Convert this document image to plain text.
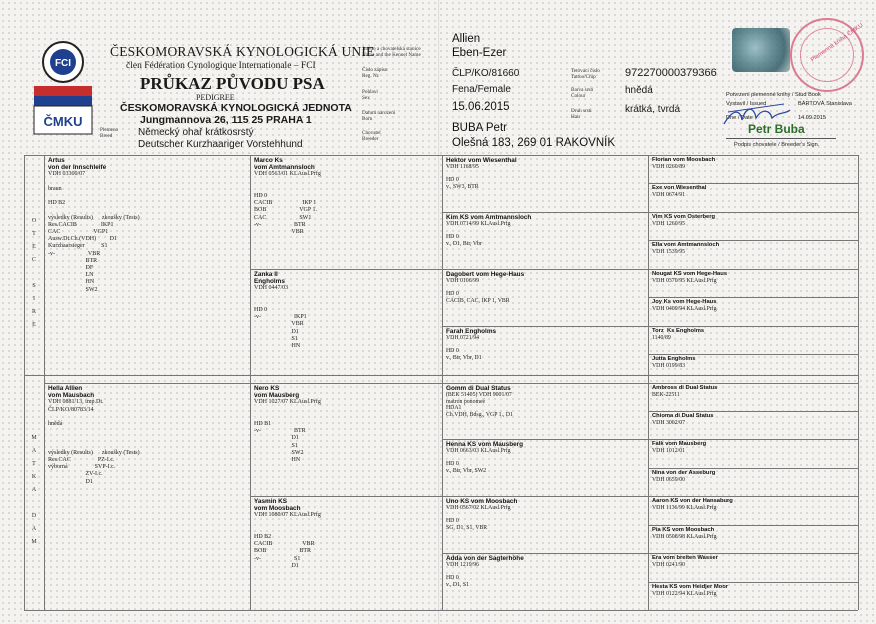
FCI
ČMKU
ČESKOMORAVSKÁ KYNOLOGICKÁ UNIE
člen Fédération Cynologique Internationale – FCI
PRŮKAZ PŮVODU PSA
PEDIGREE
ČESKOMORAVSKÁ KYNOLOGICKÁ JEDNOTA
Jungmannova 26, 115 25 PRAHA 1
Plemeno
Breed	Německý ohař krátkosrstý
Deutscher Kurzhaariger Vorstehhund
Jméno a chovatelská stanice
Name and the Kennel Name
Allien
Eben-Ezer
Číslo zápisu
Reg. Nr.	ČLP/KO/81660	Tetovací číslo
Tattoo/Chip	972270000379366
Pohlaví
Sex
Fena/Female	Barva srsti
Colour	hnědá
Datum narození
Born
15.06.2015	Druh srsti
Hair
krátká, tvrdá
Chovatel
Breeder
BUBA Petr
Olešná 183, 269 01 RAKOVNÍK
Plemenná kniha ČMKU
Potvrzení plemenné knihy / Stud Book
Vystavil / Issued	BÁRTOVÁ Stanislava
Dne / Date	14.09.2015
Petr Buba
Podpis chovatele / Breeder's Sign.
O
T
E
C

S
I
R
E
M
A
T
K
A

D
A
M
Artus
von der Innschleife
VDH 03300/07

braun

HD B2

výsledky (Results)      zkoušky (Tests)
Res.CACIB                IKP1
CAC                      VGP1
Ausw.Dt.Ch.(VDH)         D1
Kurzhaarsieger           S1
-v-                      VBR
BTR
DF
LN
HN
SW2
Hella Allien
vom Mausbach
VDH 0881/13, imp.Dt.
ČLP/KO/80783/14

hnědá

výsledky (Results)      zkoušky (Tests)
Res.CAC                  PZ-I.c.
výborná                  SVP-I.c.
ZV-I.c.
D1
Marco Ks
vom Amtmannsloch
VDH 0563/01 KLAusl.Prfg

HD 0
CACIB                    IKP 1
BOB                      VGP 1.
CAC                      SW1
-v-                      BTR
VBR
Zanka II
Engholms
VDH 0447/03

HD 0
-v-                      IKP1
VBR
D1
S1
HN
Nero KS
vom Mausberg
VDH 1027/07 KLAusl.Prfg

HD B1
-v-                      BTR
D1
S1
SW2
HN
Yasmin KS
vom Moosbach
VDH 1080/07 KLAusl.Prfg

HD B2
CACIB                    VBR
BOB                      BTR
-v-                      S1
D1
Hektor vom Wiesenthal
VDH 1168/95

HD 0
v., SW3, BTR
Kim KS vom Amtmannsloch
VDH 0714/99 KLAusl.Prfg

HD 0
v., D1, Btr, Vbr
Dagobert vom Hege-Haus
VDH 0106/99

HD 0
CACIB, CAC, IKP 1, VBR
Farah Engholms
VDH 0721/94

HD 0
v., Btr, Vbr, D1
Gomm di Dual Status
(BEK 51405) VDH 9001/07
matron ponomeé
HDA1
Ch.VDH, Bdsg., VGP 1., D1
Henna KS vom Mausberg
VDH 0663/03 KLAusl.Prfg

HD 0
v., Btr, Vbr, SW2
Uno KS vom Moosbach
VDH 0567/02 KLAusl.Prfg

HD 0
SG, D1, S1, VBR
Adda von der Sagterhöhe
VDH 1219/96

HD 0
v., D1, S1
Florian vom Moosbach
VDH 0260/89
Exe von Wiesenthal
VDH 0674/91
Vim KS vom Osterberg
VDH 1260/95
Ella vom Amtmannsloch
VDH 1539/95
Nougat KS vom Hege-Haus
VDH 0370/95 KLAusl.Prfg
Joy Ks vom Hege-Haus
VDH 0409/94 KLAusl.Prfg
Torz  Ks Engholms
1140/89
Jutta Engholms
VDH 0199/83
Ambross di Dual Status
BEK-22511
Chioma di Dual Status
VDH 3002/07
Falk vom Mausberg
VDH 1012/01
Nina von der Asseburg
VDH 0659/00
Aaron KS von der Hansaburg
VDH 1136/99 KLAusl.Prfg
Pia KS vom Moosbach
VDH 0508/98 KLAusl.Prfg
Era vom breiten Wasser
VDH 0241/90
Hesta KS vom Heidjer Moor
VDH 0122/94 KLAusl.Prfg
